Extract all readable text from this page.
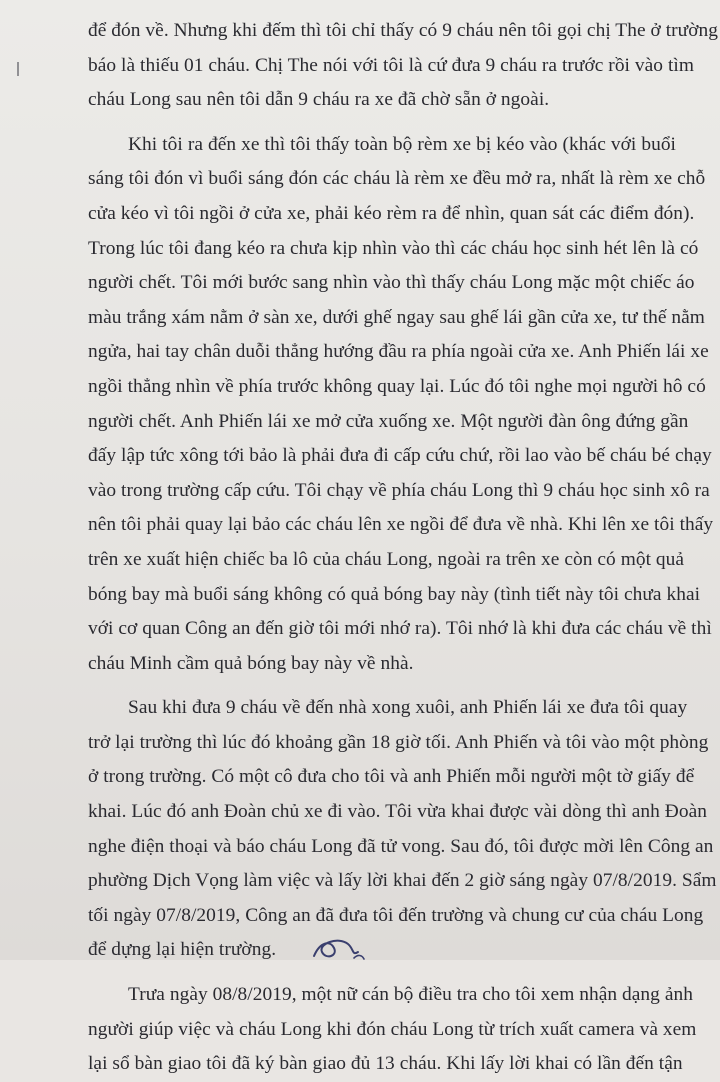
để đón về. Nhưng khi đếm thì tôi chỉ thấy có 9 cháu nên tôi gọi chị The ở trường
báo là thiếu 01 cháu. Chị The nói với tôi là cứ đưa 9 cháu ra trước rồi vào tìm
cháu Long sau nên tôi dẫn 9 cháu ra xe đã chờ sẵn ở ngoài.
Khi tôi ra đến xe thì tôi thấy toàn bộ rèm xe bị kéo vào (khác với buổi
sáng tôi đón vì buổi sáng đón các cháu là rèm xe đều mở ra, nhất là rèm xe chỗ
cửa kéo vì tôi ngồi ở cửa xe, phải kéo rèm ra để nhìn, quan sát các điểm đón).
Trong lúc tôi đang kéo ra chưa kịp nhìn vào thì các cháu học sinh hét lên là có
người chết. Tôi mới bước sang nhìn vào thì thấy cháu Long mặc một chiếc áo
màu trắng xám nằm ở sàn xe, dưới ghế ngay sau ghế lái gần cửa xe, tư thế nằm
ngửa, hai tay chân duỗi thẳng hướng đầu ra phía ngoài cửa xe. Anh Phiến lái xe
ngồi thẳng nhìn về phía trước không quay lại. Lúc đó tôi nghe mọi người hô có
người chết. Anh Phiến lái xe mở cửa xuống xe. Một người đàn ông đứng gần
đấy lập tức xông tới bảo là phải đưa đi cấp cứu chứ, rồi lao vào bế cháu bé chạy
vào trong trường cấp cứu. Tôi chạy về phía cháu Long thì 9 cháu học sinh xô ra
nên tôi phải quay lại bảo các cháu lên xe ngồi để đưa về nhà. Khi lên xe tôi thấy
trên xe xuất hiện chiếc ba lô của cháu Long, ngoài ra trên xe còn có một quả
bóng bay mà buổi sáng không có quả bóng bay này (tình tiết này tôi chưa khai
với cơ quan Công an đến giờ tôi mới nhớ ra). Tôi nhớ là khi đưa các cháu về thì
cháu Minh cầm quả bóng bay này về nhà.
Sau khi đưa 9 cháu về đến nhà xong xuôi, anh Phiến lái xe đưa tôi quay
trở lại trường thì lúc đó khoảng gần 18 giờ tối. Anh Phiến và tôi vào một phòng
ở trong trường. Có một cô đưa cho tôi và anh Phiến mỗi người một tờ giấy để
khai. Lúc đó anh Đoàn chủ xe đi vào. Tôi vừa khai được vài dòng thì anh Đoàn
nghe điện thoại và báo cháu Long đã tử vong. Sau đó, tôi được mời lên Công an
phường Dịch Vọng làm việc và lấy lời khai đến 2 giờ sáng ngày 07/8/2019. Sẩm
tối ngày 07/8/2019, Công an đã đưa tôi đến trường và chung cư của cháu Long
để dựng lại hiện trường.
Trưa ngày 08/8/2019, một nữ cán bộ điều tra cho tôi xem nhận dạng ảnh
người giúp việc và cháu Long khi đón cháu Long từ trích xuất camera và xem
lại sổ bàn giao tôi đã ký bàn giao đủ 13 cháu. Khi lấy lời khai có lần đến tận
